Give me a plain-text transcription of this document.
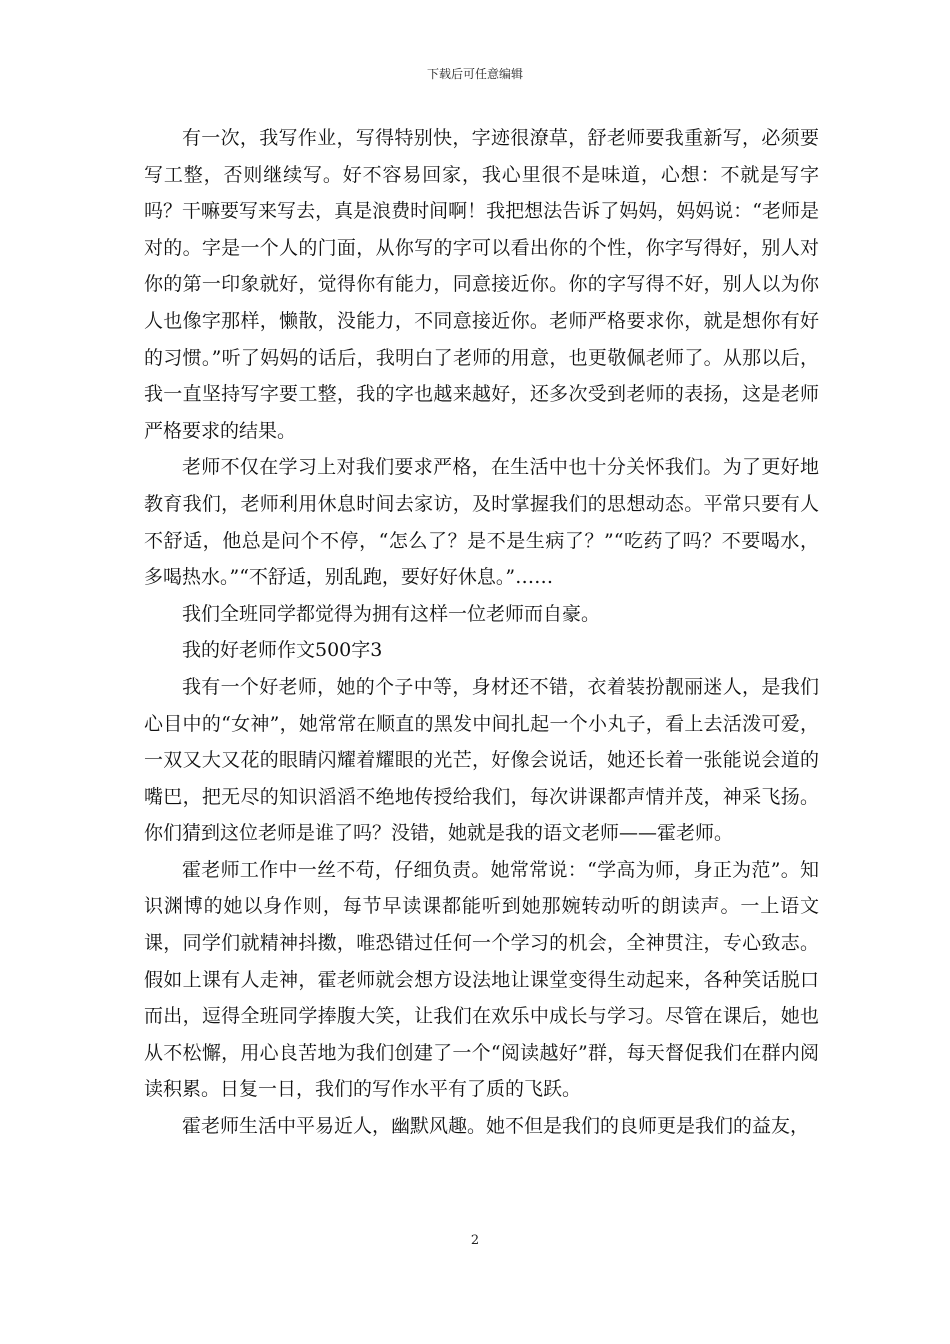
下载后可任意编辑

有一次，我写作业，写得特别快，字迹很潦草，舒老师要我重新写，必须要写工整，否则继续写。好不容易回家，我心里很不是味道，心想：不就是写字吗？干嘛要写来写去，真是浪费时间啊！我把想法告诉了妈妈，妈妈说：“老师是对的。字是一个人的门面，从你写的字可以看出你的个性，你字写得好，别人对你的第一印象就好，觉得你有能力，同意接近你。你的字写得不好，别人以为你人也像字那样，懒散，没能力，不同意接近你。老师严格要求你，就是想你有好的习惯。”听了妈妈的话后，我明白了老师的用意，也更敬佩老师了。从那以后，我一直坚持写字要工整，我的字也越来越好，还多次受到老师的表扬，这是老师严格要求的结果。

老师不仅在学习上对我们要求严格，在生活中也十分关怀我们。为了更好地教育我们，老师利用休息时间去家访，及时掌握我们的思想动态。平常只要有人不舒适，他总是问个不停，“怎么了？是不是生病了？”“吃药了吗？不要喝水，多喝热水。”“不舒适，别乱跑，要好好休息。”……

我们全班同学都觉得为拥有这样一位老师而自豪。

我的好老师作文500字3

我有一个好老师，她的个子中等，身材还不错，衣着装扮靓丽迷人，是我们心目中的“女神”，她常常在顺直的黑发中间扎起一个小丸子，看上去活泼可爱，一双又大又花的眼睛闪耀着耀眼的光芒，好像会说话，她还长着一张能说会道的嘴巴，把无尽的知识滔滔不绝地传授给我们，每次讲课都声情并茂，神采飞扬。你们猜到这位老师是谁了吗？没错，她就是我的语文老师——霍老师。

霍老师工作中一丝不苟，仔细负责。她常常说：“学高为师，身正为范”。知识渊博的她以身作则，每节早读课都能听到她那婉转动听的朗读声。一上语文课，同学们就精神抖擞，唯恐错过任何一个学习的机会，全神贯注，专心致志。假如上课有人走神，霍老师就会想方设法地让课堂变得生动起来，各种笑话脱口而出，逗得全班同学捧腹大笑，让我们在欢乐中成长与学习。尽管在课后，她也从不松懈，用心良苦地为我们创建了一个“阅读越好”群，每天督促我们在群内阅读积累。日复一日，我们的写作水平有了质的飞跃。

霍老师生活中平易近人，幽默风趣。她不但是我们的良师更是我们的益友，

2
